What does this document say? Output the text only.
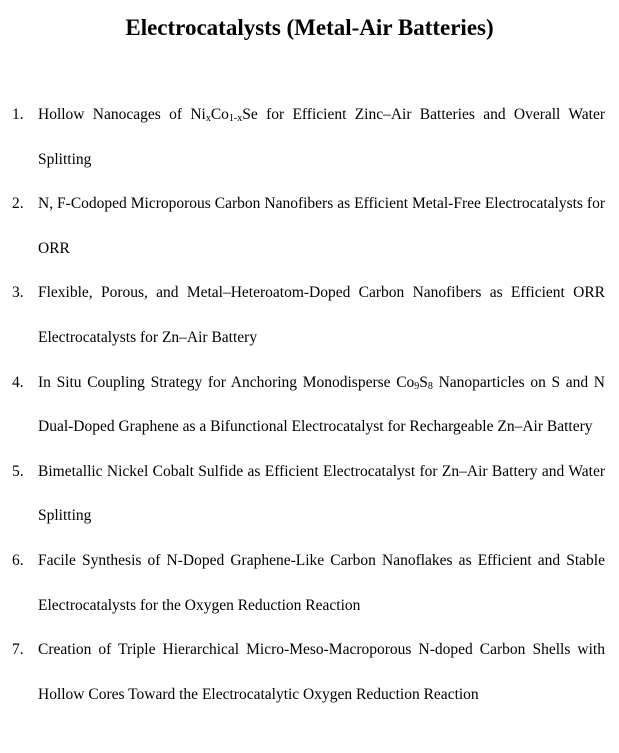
Electrocatalysts (Metal-Air Batteries)
1. Hollow Nanocages of $Ni_xCo_{1-x}Se$ for Efficient Zinc–Air Batteries and Overall Water Splitting
2. N, F-Codoped Microporous Carbon Nanofibers as Efficient Metal-Free Electrocatalysts for ORR
3. Flexible, Porous, and Metal–Heteroatom-Doped Carbon Nanofibers as Efficient ORR Electrocatalysts for Zn–Air Battery
4. In Situ Coupling Strategy for Anchoring Monodisperse $Co_9S_8$ Nanoparticles on S and N Dual-Doped Graphene as a Bifunctional Electrocatalyst for Rechargeable Zn–Air Battery
5. Bimetallic Nickel Cobalt Sulfide as Efficient Electrocatalyst for Zn–Air Battery and Water Splitting
6. Facile Synthesis of N-Doped Graphene-Like Carbon Nanoflakes as Efficient and Stable Electrocatalysts for the Oxygen Reduction Reaction
7. Creation of Triple Hierarchical Micro-Meso-Macroporous N-doped Carbon Shells with Hollow Cores Toward the Electrocatalytic Oxygen Reduction Reaction
